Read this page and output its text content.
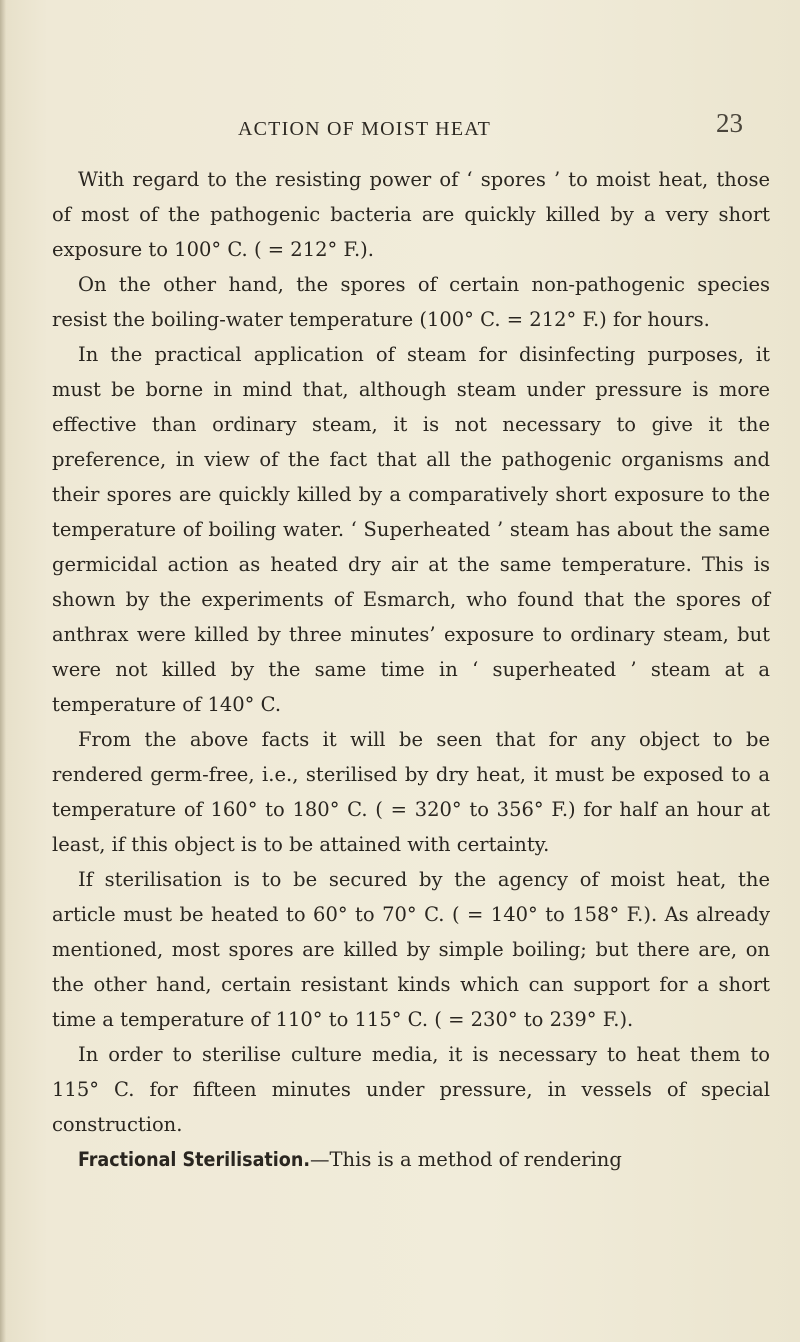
ACTION OF MOIST HEAT	23

With regard to the resisting power of ‘ spores ’ to moist heat, those of most of the pathogenic bacteria are quickly killed by a very short exposure to 100° C. ( = 212° F.).

On the other hand, the spores of certain non-pathogenic species resist the boiling-water temperature (100° C. = 212° F.) for hours.

In the practical application of steam for disinfecting purposes, it must be borne in mind that, although steam under pressure is more effective than ordinary steam, it is not necessary to give it the preference, in view of the fact that all the pathogenic organisms and their spores are quickly killed by a comparatively short exposure to the temperature of boiling water. ‘ Superheated ’ steam has about the same germicidal action as heated dry air at the same temperature. This is shown by the experiments of Esmarch, who found that the spores of anthrax were killed by three minutes’ exposure to ordinary steam, but were not killed by the same time in ‘ superheated ’ steam at a temperature of 140° C.

From the above facts it will be seen that for any object to be rendered germ-free, i.e., sterilised by dry heat, it must be exposed to a temperature of 160° to 180° C. ( = 320° to 356° F.) for half an hour at least, if this object is to be attained with certainty.

If sterilisation is to be secured by the agency of moist heat, the article must be heated to 60° to 70° C. ( = 140° to 158° F.). As already mentioned, most spores are killed by simple boiling; but there are, on the other hand, certain resistant kinds which can support for a short time a temperature of 110° to 115° C. ( = 230° to 239° F.).

In order to sterilise culture media, it is necessary to heat them to 115° C. for fifteen minutes under pressure, in vessels of special construction.

Fractional Sterilisation.—This is a method of rendering
